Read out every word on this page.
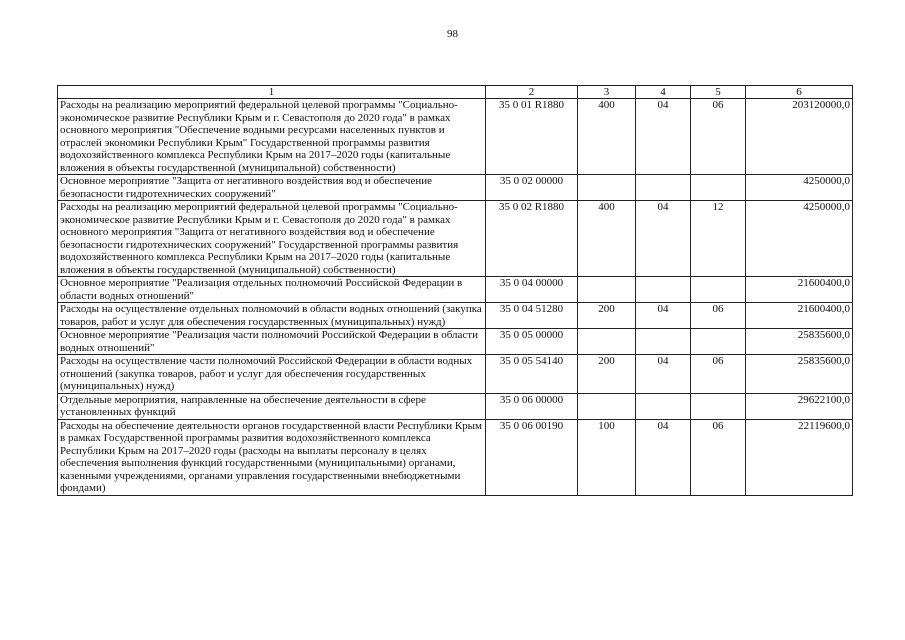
98
1	2	3	4	5	6
Расходы на реализацию мероприятий федеральной целевой программы "Социально-экономическое развитие Республики Крым и г. Севастополя до 2020 года" в рамках основного мероприятия "Обеспечение водными ресурсами населенных пунктов и отраслей экономики Республики Крым" Государственной программы развития водохозяйственного комплекса Республики Крым на 2017–2020 годы (капитальные вложения в объекты государственной (муниципальной) собственности)	35 0 01 R1880	400	04	06	203120000,0
Основное мероприятие "Защита от негативного воздействия вод и обеспечение безопасности гидротехнических сооружений"	35 0 02 00000				4250000,0
Расходы на реализацию мероприятий федеральной целевой программы "Социально-экономическое развитие Республики Крым и г. Севастополя до 2020 года" в рамках основного мероприятия "Защита от негативного воздействия вод и обеспечение безопасности гидротехнических сооружений" Государственной программы развития водохозяйственного комплекса Республики Крым на 2017–2020 годы (капитальные вложения в объекты государственной (муниципальной) собственности)	35 0 02 R1880	400	04	12	4250000,0
Основное мероприятие "Реализация отдельных полномочий Российской Федерации в области водных отношений"	35 0 04 00000				21600400,0
Расходы на осуществление отдельных полномочий в области водных отношений (закупка товаров, работ и услуг для обеспечения государственных (муниципальных) нужд)	35 0 04 51280	200	04	06	21600400,0
Основное мероприятие "Реализация части полномочий Российской Федерации в области водных отношений"	35 0 05 00000				25835600,0
Расходы на осуществление части полномочий Российской Федерации в области водных отношений (закупка товаров, работ и услуг для обеспечения государственных (муниципальных) нужд)	35 0 05 54140	200	04	06	25835600,0
Отдельные мероприятия, направленные на обеспечение деятельности в сфере установленных функций	35 0 06 00000				29622100,0
Расходы на обеспечение деятельности органов государственной власти Республики Крым в рамках Государственной программы развития водохозяйственного комплекса Республики Крым на 2017–2020 годы (расходы на выплаты персоналу в целях обеспечения выполнения функций государственными (муниципальными) органами, казенными учреждениями, органами управления государственными внебюджетными фондами)	35 0 06 00190	100	04	06	22119600,0
